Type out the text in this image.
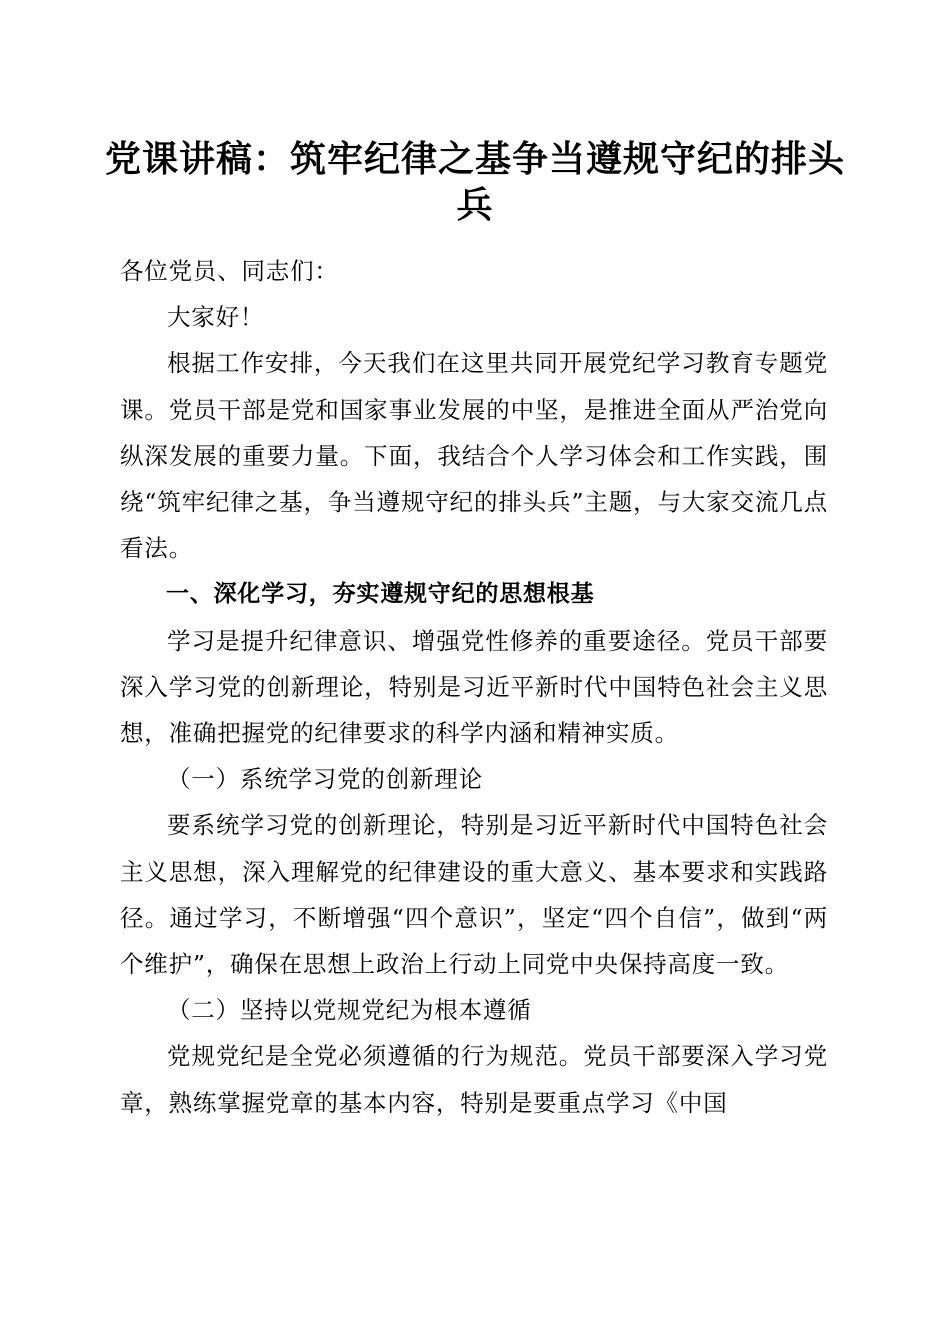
党课讲稿：筑牢纪律之基争当遵规守纪的排头兵

各位党员、同志们：

大家好！

根据工作安排，今天我们在这里共同开展党纪学习教育专题党课。党员干部是党和国家事业发展的中坚，是推进全面从严治党向纵深发展的重要力量。下面，我结合个人学习体会和工作实践，围绕“筑牢纪律之基，争当遵规守纪的排头兵”主题，与大家交流几点看法。

一、深化学习，夯实遵规守纪的思想根基

学习是提升纪律意识、增强党性修养的重要途径。党员干部要深入学习党的创新理论，特别是习近平新时代中国特色社会主义思想，准确把握党的纪律要求的科学内涵和精神实质。

（一）系统学习党的创新理论

要系统学习党的创新理论，特别是习近平新时代中国特色社会主义思想，深入理解党的纪律建设的重大意义、基本要求和实践路径。通过学习，不断增强“四个意识”，坚定“四个自信”，做到“两个维护”，确保在思想上政治上行动上同党中央保持高度一致。

（二）坚持以党规党纪为根本遵循

党规党纪是全党必须遵循的行为规范。党员干部要深入学习党章，熟练掌握党章的基本内容，特别是要重点学习《中国
